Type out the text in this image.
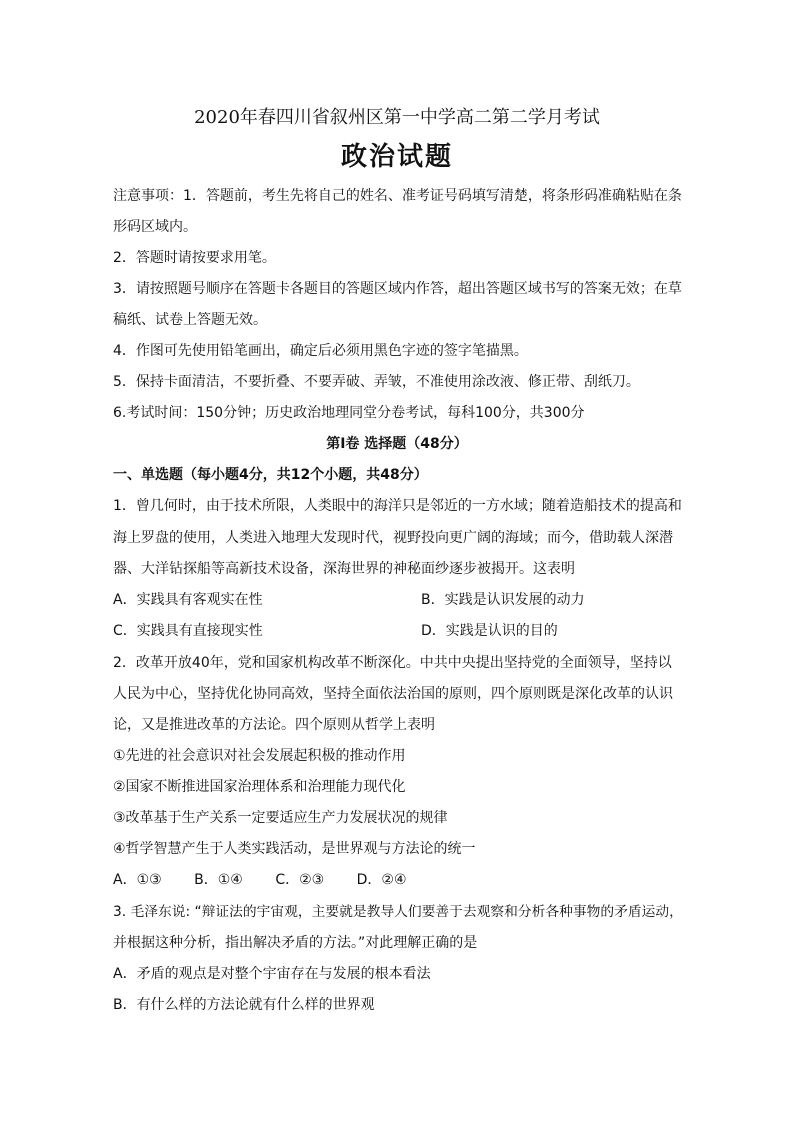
2020年春四川省叙州区第一中学高二第二学月考试
政治试题
注意事项：1．答题前，考生先将自己的姓名、准考证号码填写清楚，将条形码准确粘贴在条
形码区域内。
2．答题时请按要求用笔。
3．请按照题号顺序在答题卡各题目的答题区域内作答，超出答题区域书写的答案无效；在草
稿纸、试卷上答题无效。
4．作图可先使用铅笔画出，确定后必须用黑色字迹的签字笔描黑。
5．保持卡面清洁，不要折叠、不要弄破、弄皱，不准使用涂改液、修正带、刮纸刀。
6.考试时间：150分钟；历史政治地理同堂分卷考试，每科100分，共300分
第Ⅰ卷 选择题（48分）
一、单选题（每小题4分，共12个小题，共48分）
1．曾几何时，由于技术所限，人类眼中的海洋只是邻近的一方水域；随着造船技术的提高和
海上罗盘的使用，人类进入地理大发现时代，视野投向更广阔的海域；而今，借助载人深潜
器、大洋钻探船等高新技术设备，深海世界的神秘面纱逐步被揭开。这表明
A．实践具有客观实在性	B．实践是认识发展的动力
C．实践具有直接现实性	D．实践是认识的目的
2．改革开放40年，党和国家机构改革不断深化。中共中央提出坚持党的全面领导，坚持以
人民为中心，坚持优化协同高效，坚持全面依法治国的原则，四个原则既是深化改革的认识
论，又是推进改革的方法论。四个原则从哲学上表明
①先进的社会意识对社会发展起积极的推动作用
②国家不断推进国家治理体系和治理能力现代化
③改革基于生产关系一定要适应生产力发展状况的规律
④哲学智慧产生于人类实践活动，是世界观与方法论的统一
A．①③ B．①④ C．②③ D．②④
3. 毛泽东说: “辩证法的宇宙观，主要就是教导人们要善于去观察和分析各种事物的矛盾运动，
并根据这种分析，指出解决矛盾的方法。”对此理解正确的是
A．矛盾的观点是对整个宇宙存在与发展的根本看法
B．有什么样的方法论就有什么样的世界观
